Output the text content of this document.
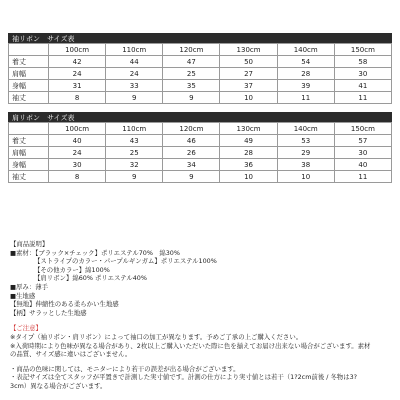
袖リボン　サイズ表
	100cm	110cm	120cm	130cm	140cm	150cm
着丈	42	44	47	50	54	58
肩幅	24	24	25	27	28	30
身幅	31	33	35	37	39	41
袖丈	8	9	9	10	11	11
肩リボン　サイズ表
	100cm	110cm	120cm	130cm	140cm	150cm
着丈	40	43	46	49	53	57
肩幅	24	25	26	28	29	30
身幅	30	32	34	36	38	40
袖丈	8	9	9	10	10	11
【商品説明】
■素材：【ブラック×チェック】ポリエステル70%　綿30%
【ストライプのカラー・パープルギンガム】ポリエステル100%
【その他カラー】綿100%
【肩リボン】綿60% ポリエステル40%
■厚み：薄手
■生地感
【無地】伸縮性のある柔らかい生地感
【柄】サラッとした生地感
【ご注意】
※タイプ（袖リボン・肩リボン）によって袖口の加工が異なります。予めご了承の上ご購入ください。
※入荷時期により色味が異なる場合があり、2枚以上ご購入いただいた際に色を揃えてお届け出来ない場合がございます。素材
の品質、サイズ感に違いはございません。
・商品の色味に関しては、モニターにより若干の誤差が出る場合がございます。
・表記サイズは全てスタッフが平置きで計測した実寸値です。計測の仕方により実寸値とは若干（1?2cm前後 / 冬物は3?
3cm）異なる場合がございます。
